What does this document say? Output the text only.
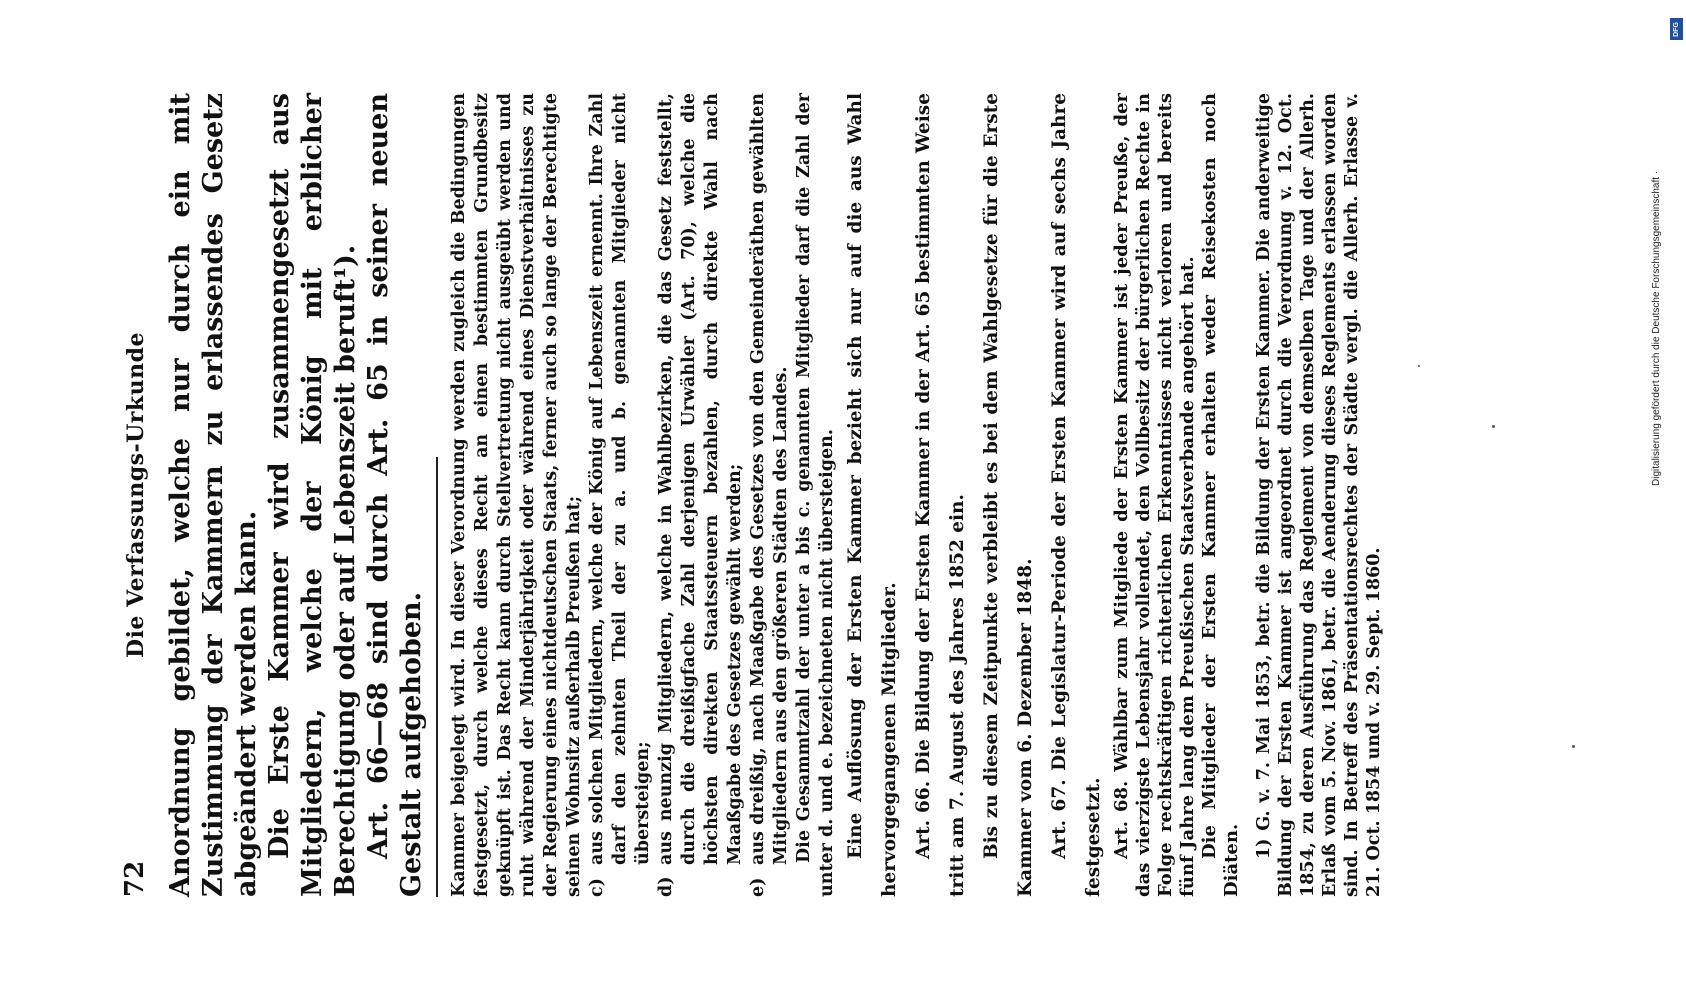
72
Die Verfassungs-Urkunde Anordnung gebildet, welche nur durch ein mit Zustimmung der Kammern zu erlassendes Gesetz abgeändert werden kann. Die Erste Kammer wird zusammengesetzt aus Mitgliedern, welche der König mit erblicher Berechtigung oder auf Lebenszeit beruft¹). Art. 66—68 sind durch Art. 65 in seiner neuen Gestalt aufgehoben. Kammer beigelegt wird. In dieser Verordnung werden zugleich die Bedingungen festgesetzt, durch welche dieses Recht an einen bestimmten Grundbesitz geknüpft ist. Das Recht kann durch Stellvertretung nicht ausgeübt werden und ruht während der Minderjährigkeit oder während eines Dienstverhältnisses zu der Regierung eines nichtdeutschen Staats, ferner auch so lange der Berechtigte seinen Wohnsitz außerhalb Preußen hat; c)
aus solchen Mitgliedern, welche der König auf Lebenszeit ernennt. Ihre Zahl darf den zehnten Theil der zu a. und b. genannten Mitglieder nicht übersteigen;
d)
aus neunzig Mitgliedern, welche in Wahlbezirken, die das Gesetz feststellt, durch die dreißigfache Zahl derjenigen Urwähler (Art. 70), welche die höchsten direkten Staatssteuern bezahlen, durch direkte Wahl nach Maaßgabe des Gesetzes gewählt werden;
e)
aus dreißig, nach Maaßgabe des Gesetzes von den Gemeinderäthen gewählten Mitgliedern aus den größeren Städten des Landes. Die Gesammtzahl der unter a bis c. genannten Mitglieder darf die Zahl der unter d. und e. bezeichneten nicht übersteigen. Eine Auflösung der Ersten Kammer bezieht sich nur auf die aus Wahl hervorgegangenen Mitglieder. Art. 66. Die Bildung der Ersten Kammer in der Art. 65 bestimmten Weise tritt am 7. August des Jahres 1852 ein. Bis zu diesem Zeitpunkte verbleibt es bei dem Wahlgesetze für die Erste Kammer vom 6. Dezember 1848. Art. 67. Die Legislatur-Periode der Ersten Kammer wird auf sechs Jahre festgesetzt. Art. 68. Wählbar zum Mitgliede der Ersten Kammer ist jeder Preuße, der das vierzigste Lebensjahr vollendet, den Vollbesitz der bürgerlichen Rechte in Folge rechtskräftigen richterlichen Erkenntnisses nicht verloren und bereits fünf Jahre lang dem Preußischen Staatsverbande angehört hat. Die Mitglieder der Ersten Kammer erhalten weder Reisekosten noch Diäten.

1) G. v. 7. Mai 1853, betr. die Bildung der Ersten Kammer. Die anderweitige Bildung der Ersten Kammer ist angeordnet durch die Verordnung v. 12. Oct. 1854, zu deren Ausführung das Reglement von demselben Tage und der Allerh. Erlaß vom 5. Nov. 1861, betr. die Aenderung dieses Reglements erlassen worden sind. In Betreff des Präsentationsrechtes der Städte vergl. die Allerh. Erlasse v. 21. Oct. 1854 und v. 29. Sept. 1860.

DFG
Digitalisierung gefördert durch die Deutsche Forschungsgemeinschaft ·
